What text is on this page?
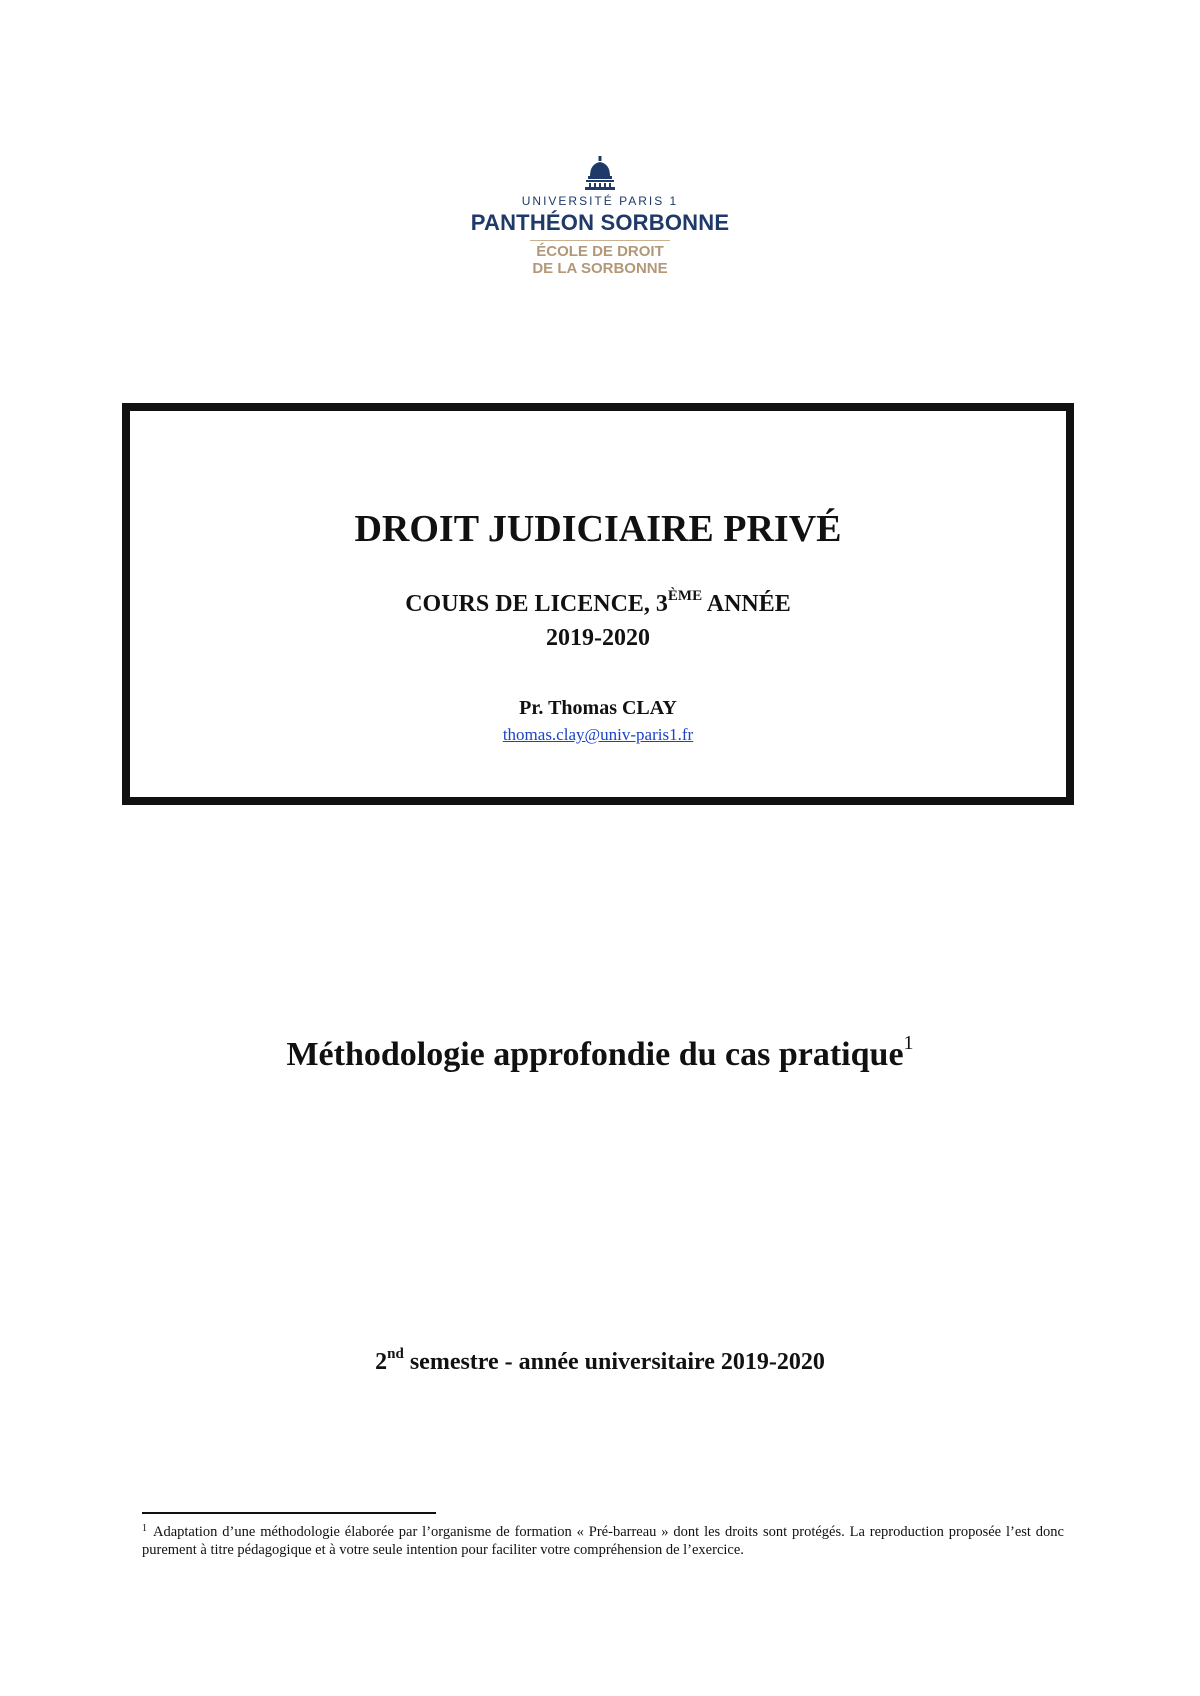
UNIVERSITÉ PARIS 1
PANTHÉON SORBONNE
ÉCOLE DE DROIT
DE LA SORBONNE
DROIT JUDICIAIRE PRIVÉ
COURS DE LICENCE, 3ÈME ANNÉE
2019-2020
Pr. Thomas CLAY
thomas.clay@univ-paris1.fr
Méthodologie approfondie du cas pratique$^1$
2nd semestre - année universitaire 2019-2020
$^1$ Adaptation d’une méthodologie élaborée par l’organisme de formation « Pré-barreau » dont les droits sont protégés. La reproduction proposée l’est donc purement à titre pédagogique et à votre seule intention pour faciliter votre compréhension de l’exercice.
